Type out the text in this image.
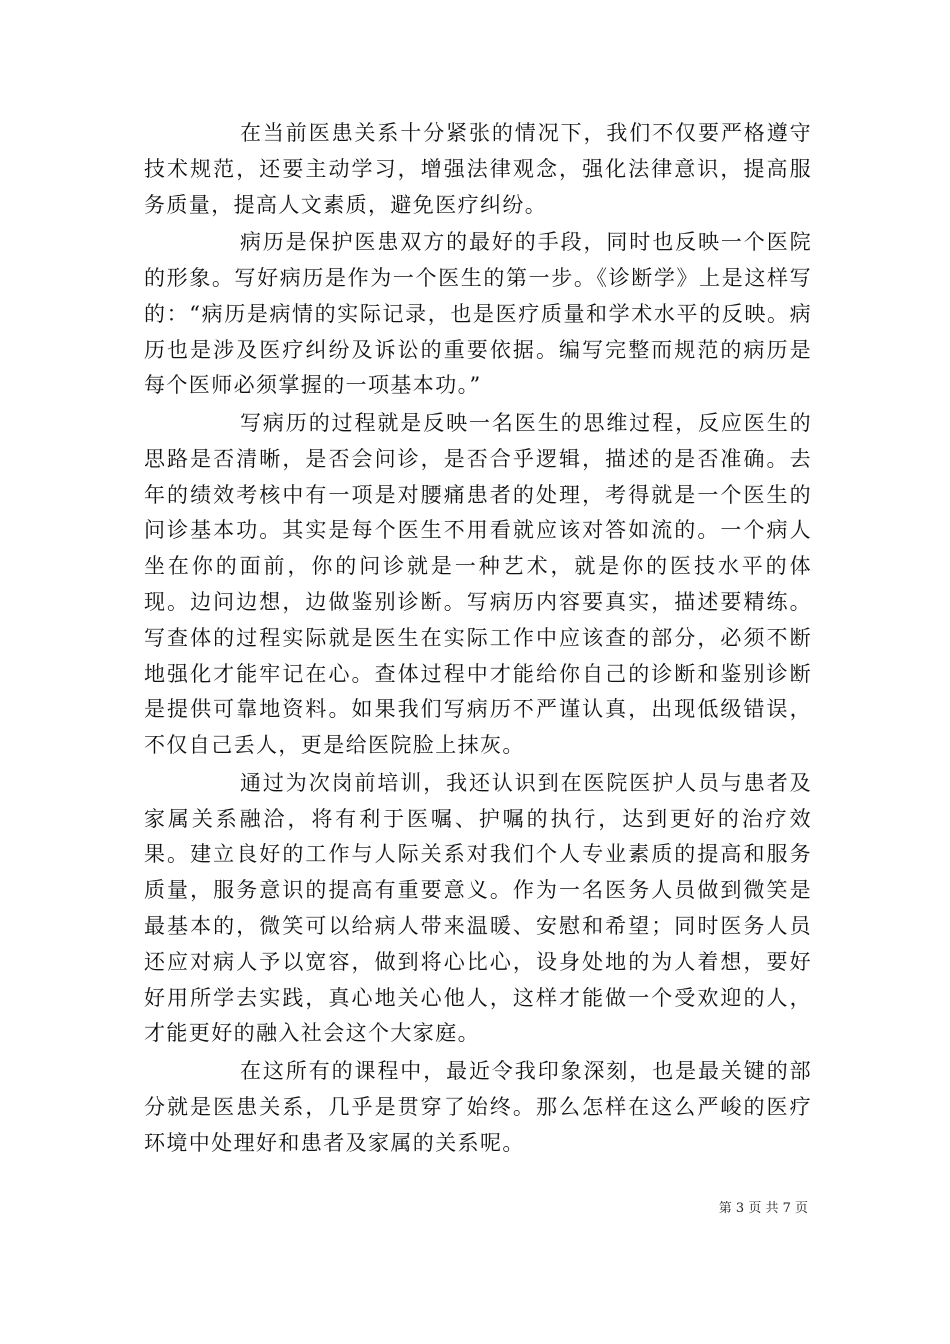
在当前医患关系十分紧张的情况下，我们不仅要严格遵守技术规范，还要主动学习，增强法律观念，强化法律意识，提高服务质量，提高人文素质，避免医疗纠纷。

病历是保护医患双方的最好的手段，同时也反映一个医院的形象。写好病历是作为一个医生的第一步。《诊断学》上是这样写的：“病历是病情的实际记录，也是医疗质量和学术水平的反映。病历也是涉及医疗纠纷及诉讼的重要依据。编写完整而规范的病历是每个医师必须掌握的一项基本功。”

写病历的过程就是反映一名医生的思维过程，反应医生的思路是否清晰，是否会问诊，是否合乎逻辑，描述的是否准确。去年的绩效考核中有一项是对腰痛患者的处理，考得就是一个医生的问诊基本功。其实是每个医生不用看就应该对答如流的。一个病人坐在你的面前，你的问诊就是一种艺术，就是你的医技水平的体现。边问边想，边做鉴别诊断。写病历内容要真实，描述要精练。写查体的过程实际就是医生在实际工作中应该查的部分，必须不断地强化才能牢记在心。查体过程中才能给你自己的诊断和鉴别诊断是提供可靠地资料。如果我们写病历不严谨认真，出现低级错误，不仅自己丢人，更是给医院脸上抹灰。

通过为次岗前培训，我还认识到在医院医护人员与患者及家属关系融洽，将有利于医嘱、护嘱的执行，达到更好的治疗效果。建立良好的工作与人际关系对我们个人专业素质的提高和服务质量，服务意识的提高有重要意义。作为一名医务人员做到微笑是最基本的，微笑可以给病人带来温暖、安慰和希望；同时医务人员还应对病人予以宽容，做到将心比心，设身处地的为人着想，要好好用所学去实践，真心地关心他人，这样才能做一个受欢迎的人，才能更好的融入社会这个大家庭。

在这所有的课程中，最近令我印象深刻，也是最关键的部分就是医患关系，几乎是贯穿了始终。那么怎样在这么严峻的医疗环境中处理好和患者及家属的关系呢。

第 3 页 共 7 页
